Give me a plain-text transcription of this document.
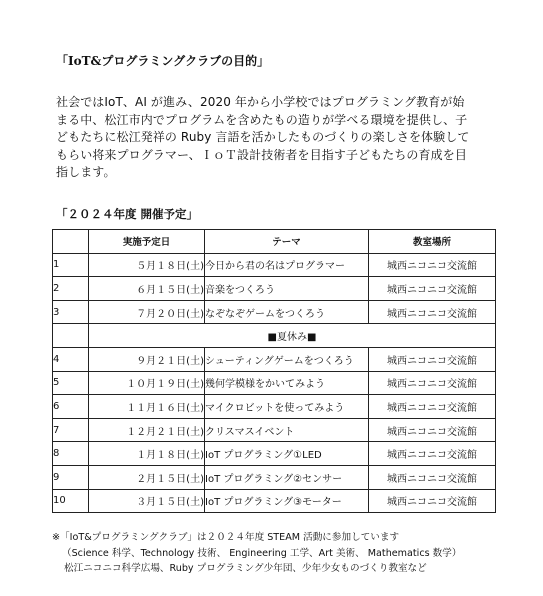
「IoT&プログラミングクラブの目的」

社会ではIoT、AI が進み、2020 年から小学校ではプログラミング教育が始

まる中、松江市内でプログラムを含めたもの造りが学べる環境を提供し、子

どもたちに松江発祥の Ruby 言語を活かしたものづくりの楽しさを体験して

もらい将来プログラマー、ＩｏＴ設計技術者を目指す子どもたちの育成を目

指します。

「２０２４年度 開催予定」
	実施予定日	テーマ	教室場所
1	５月１８日(土)	今日から君の名はプログラマー	城西ニコニコ交流館
2	６月１５日(土)	音楽をつくろう	城西ニコニコ交流館
3	７月２０日(土)	なぞなぞゲームをつくろう	城西ニコニコ交流館
	■夏休み■		
4	９月２１日(土)	シューティングゲームをつくろう	城西ニコニコ交流館
5	１０月１９日(土)	幾何学模様をかいてみよう	城西ニコニコ交流館
6	１１月１６日(土)	マイクロビットを使ってみよう	城西ニコニコ交流館
7	１２月２１日(土)	クリスマスイベント	城西ニコニコ交流館
8	１月１８日(土)	IoT プログラミング①LED	城西ニコニコ交流館
9	２月１５日(土)	IoT プログラミング②センサー	城西ニコニコ交流館
10	３月１５日(土)	IoT プログラミング③モーター	城西ニコニコ交流館
※「IoT&プログラミングクラブ」は２０２４年度 STEAM 活動に参加しています
（Science 科学、Technology 技術、 Engineering 工学、Art 美術、 Mathematics 数学）
松江ニコニコ科学広場、Ruby プログラミング少年団、少年少女ものづくり教室など
